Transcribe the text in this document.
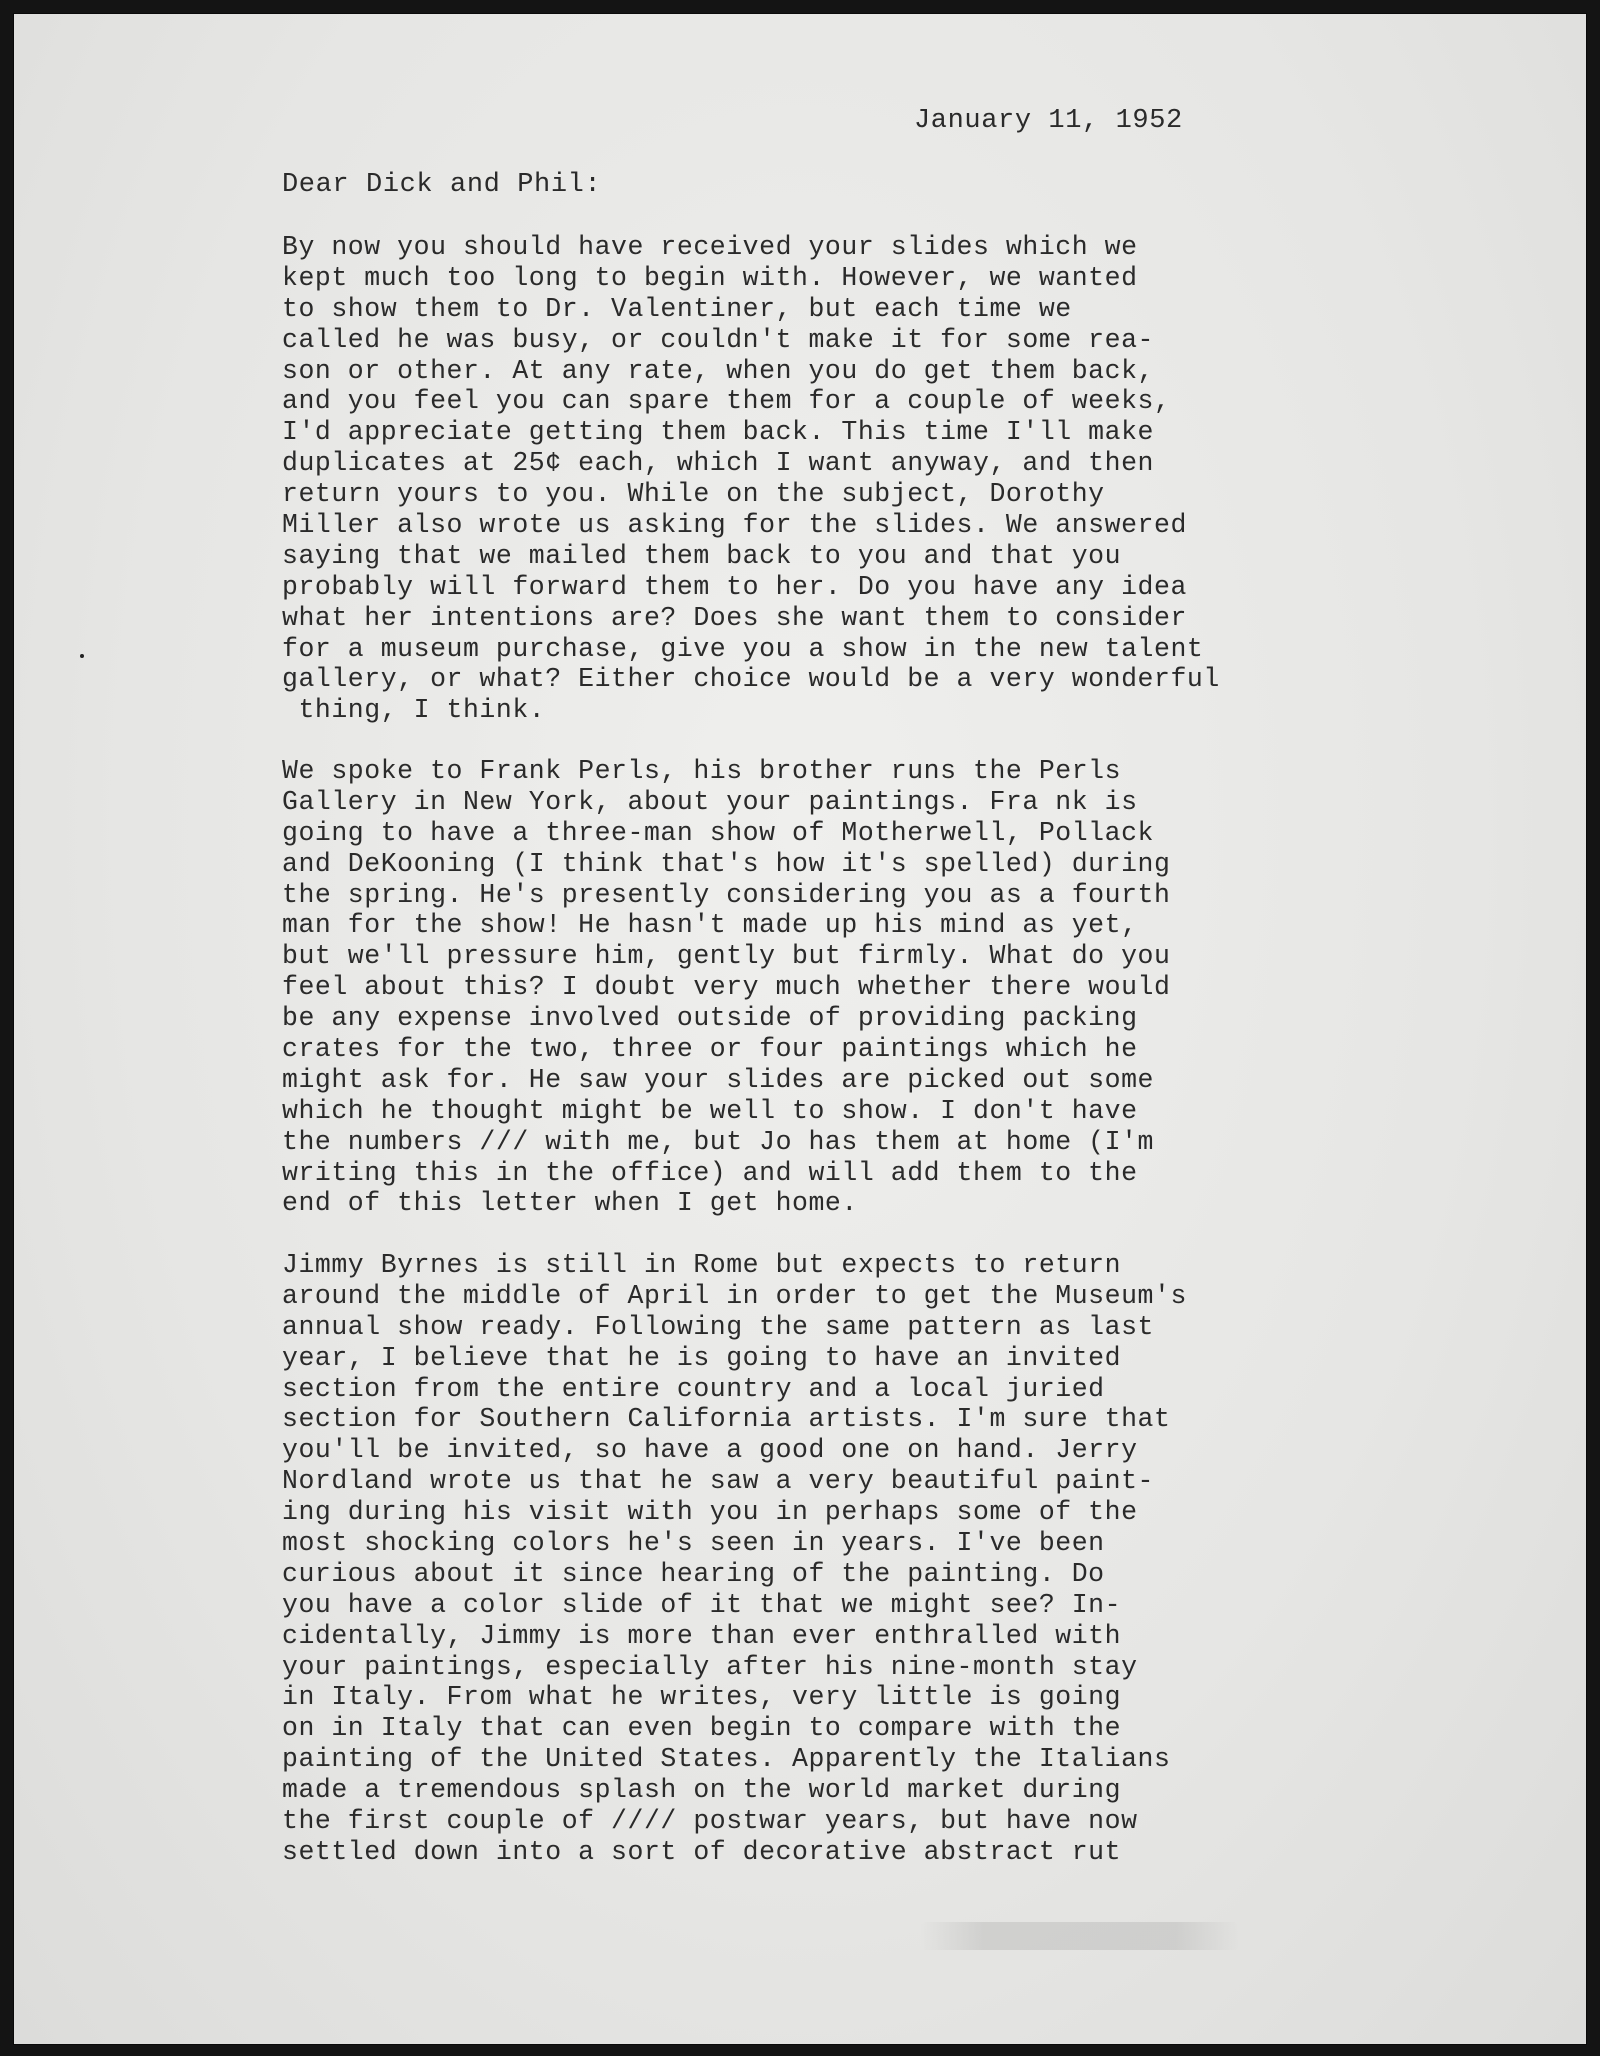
January 11, 1952
Dear Dick and Phil:
By now you should have received your slides which we
kept much too long to begin with. However, we wanted
to show them to Dr. Valentiner, but each time we
called he was busy, or couldn't make it for some rea-
son or other. At any rate, when you do get them back,
and you feel you can spare them for a couple of weeks,
I'd appreciate getting them back. This time I'll make
duplicates at 25¢ each, which I want anyway, and then
return yours to you. While on the subject, Dorothy
Miller also wrote us asking for the slides. We answered
saying that we mailed them back to you and that you
probably will forward them to her. Do you have any idea
what her intentions are? Does she want them to consider
for a museum purchase, give you a show in the new talent
gallery, or what? Either choice would be a very wonderful
thing, I think.
We spoke to Frank Perls, his brother runs the Perls
Gallery in New York, about your paintings. Fra nk is
going to have a three-man show of Motherwell, Pollack
and DeKooning (I think that's how it's spelled) during
the spring. He's presently considering you as a fourth
man for the show! He hasn't made up his mind as yet,
but we'll pressure him, gently but firmly. What do you
feel about this? I doubt very much whether there would
be any expense involved outside of providing packing
crates for the two, three or four paintings which he
might ask for. He saw your slides are picked out some
which he thought might be well to show. I don't have
the numbers /// with me, but Jo has them at home (I'm
writing this in the office) and will add them to the
end of this letter when I get home.
Jimmy Byrnes is still in Rome but expects to return
around the middle of April in order to get the Museum's
annual show ready. Following the same pattern as last
year, I believe that he is going to have an invited
section from the entire country and a local juried
section for Southern California artists. I'm sure that
you'll be invited, so have a good one on hand. Jerry
Nordland wrote us that he saw a very beautiful paint-
ing during his visit with you in perhaps some of the
most shocking colors he's seen in years. I've been
curious about it since hearing of the painting. Do
you have a color slide of it that we might see? In-
cidentally, Jimmy is more than ever enthralled with
your paintings, especially after his nine-month stay
in Italy. From what he writes, very little is going
on in Italy that can even begin to compare with the
painting of the United States. Apparently the Italians
made a tremendous splash on the world market during
the first couple of //// postwar years, but have now
settled down into a sort of decorative abstract rut
